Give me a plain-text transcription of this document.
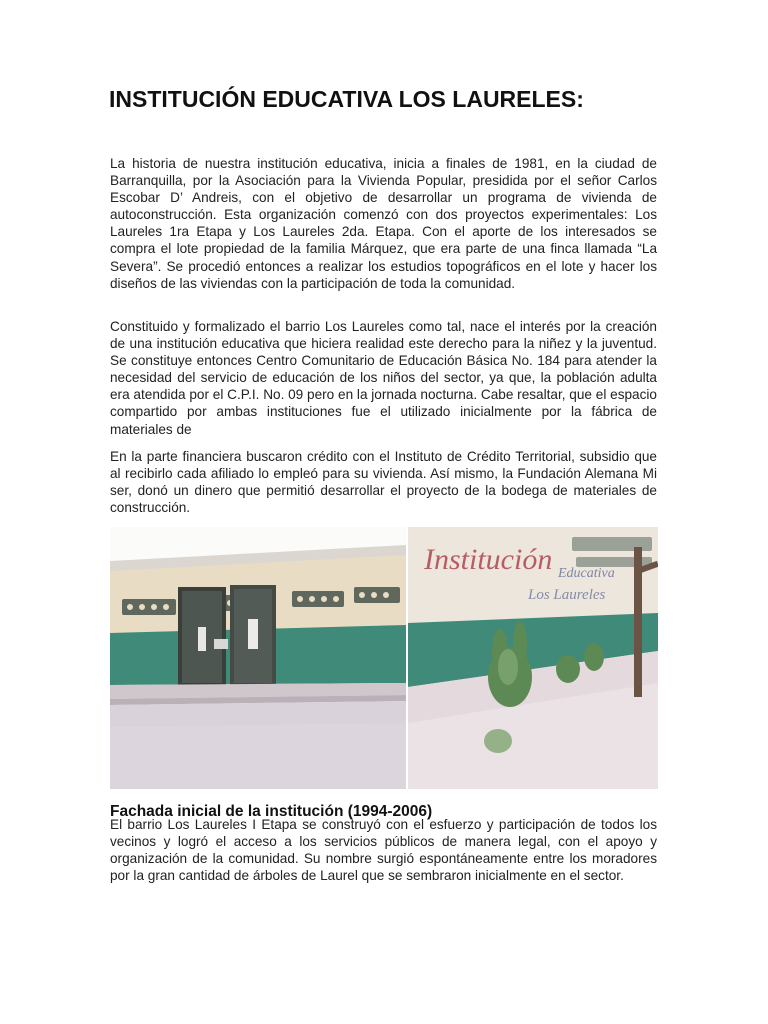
INSTITUCIÓN EDUCATIVA LOS LAURELES:

La historia de nuestra institución educativa, inicia a finales de 1981, en la ciudad de Barranquilla, por la Asociación para la Vivienda Popular, presidida por el señor Carlos Escobar D’ Andreis, con el objetivo de desarrollar un programa de vivienda de autoconstrucción. Esta organización comenzó con dos proyectos experimentales: Los Laureles 1ra Etapa y Los Laureles 2da. Etapa. Con el aporte de los interesados se compra el lote propiedad de la familia Márquez, que era parte de una finca llamada “La Severa”. Se procedió entonces a realizar los estudios topográficos en el lote y hacer los diseños de las viviendas con la participación de toda la comunidad.

Constituido y formalizado el barrio Los Laureles como tal, nace el interés por la creación de una institución educativa que hiciera realidad este derecho para la niñez y la juventud. Se constituye entonces Centro Comunitario de Educación Básica No. 184 para atender la necesidad del servicio de educación de los niños del sector, ya que, la población adulta era atendida por el C.P.I. No. 09 pero en la jornada nocturna. Cabe resaltar, que el espacio compartido por ambas instituciones fue el utilizado inicialmente por la fábrica de materiales de

En la parte financiera buscaron crédito con el Instituto de Crédito Territorial, subsidio que al recibirlo cada afiliado lo empleó para su vivienda. Así mismo, la Fundación Alemana Mi ser, donó un dinero que permitió desarrollar el proyecto de la bodega de materiales de construcción.

Institución Educativa
Los Laureles

Fachada inicial de la institución (1994-2006)

El barrio Los Laureles I Etapa se construyó con el esfuerzo y participación de todos los vecinos y logró el acceso a los servicios públicos de manera legal, con el apoyo y organización de la comunidad. Su nombre surgió espontáneamente entre los moradores por la gran cantidad de árboles de Laurel que se sembraron inicialmente en el sector.
